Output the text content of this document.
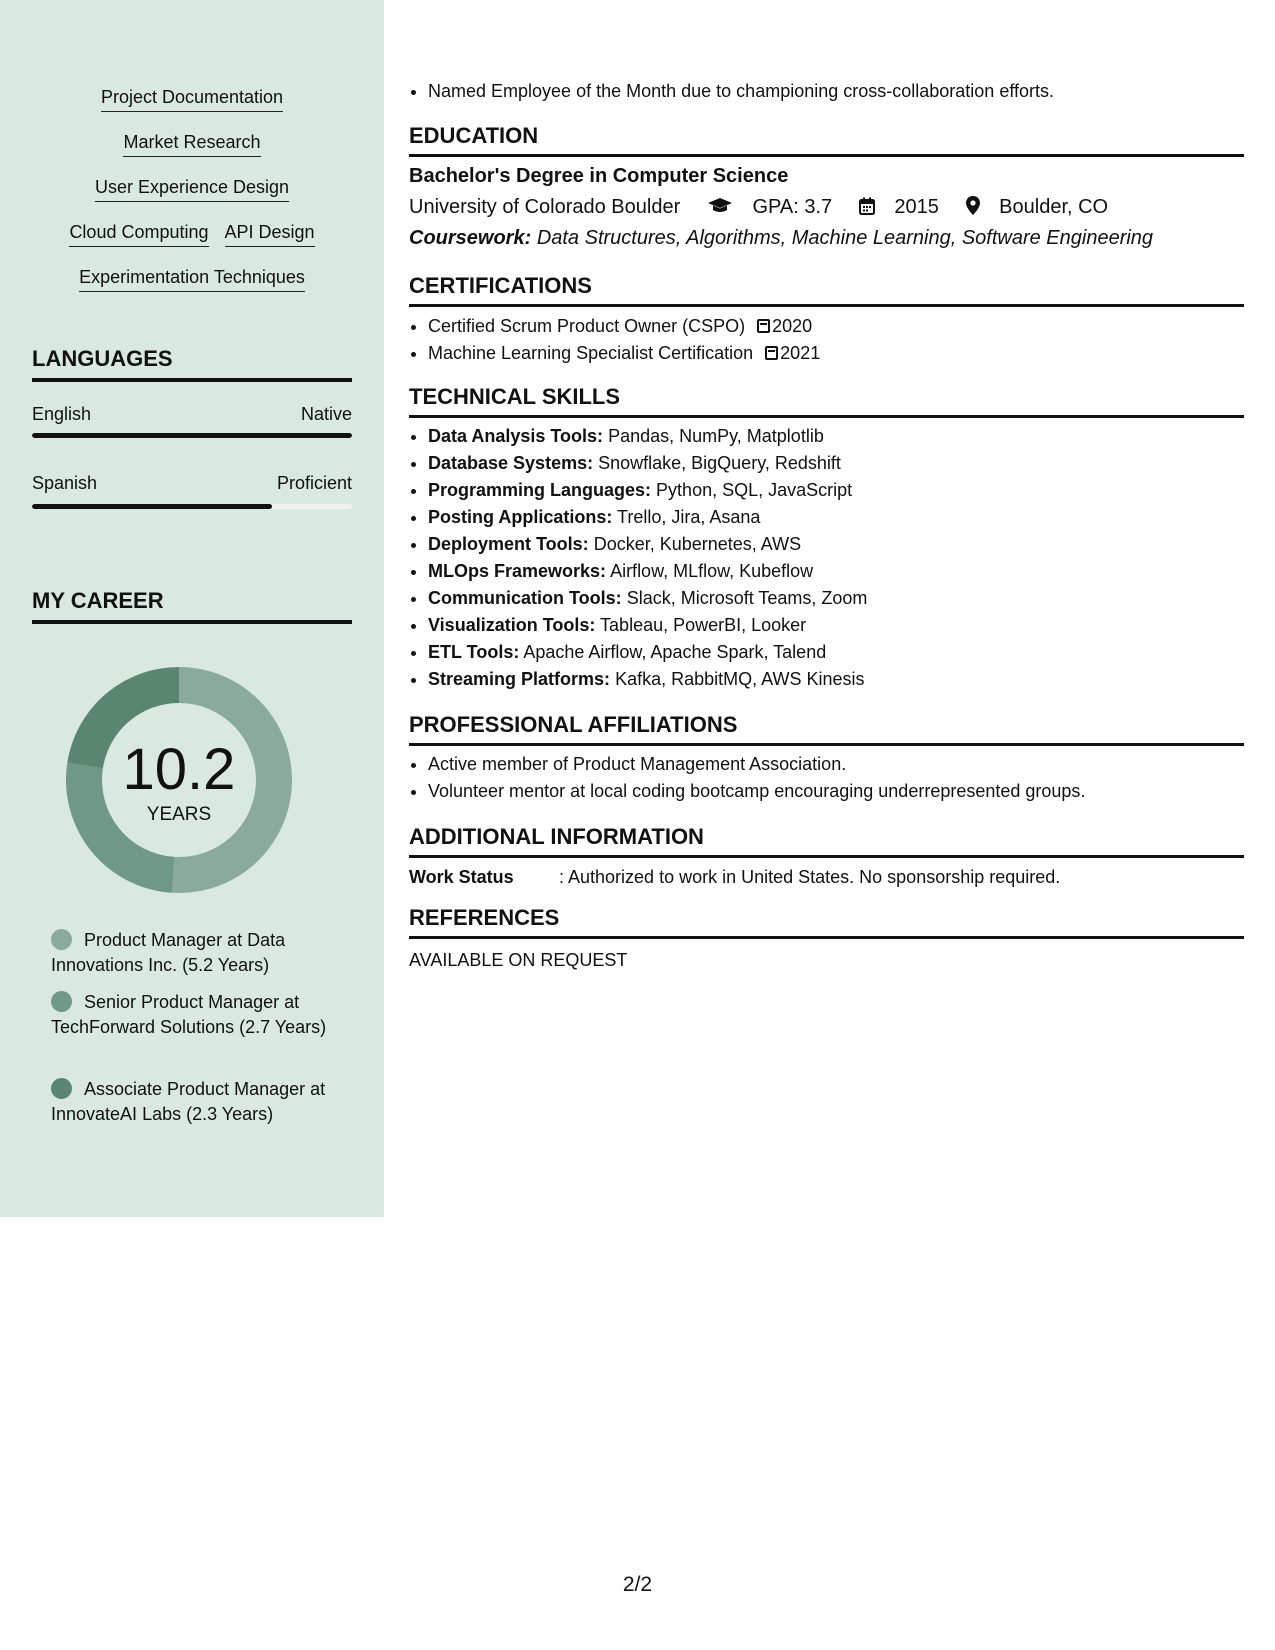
Project Documentation
Market Research
User Experience Design
Cloud Computing API Design
Experimentation Techniques
LANGUAGES
English	Native
Spanish	Proficient
MY CAREER
10.2
YEARS
Product Manager at Data Innovations Inc. (5.2 Years)
Senior Product Manager at TechForward Solutions (2.7 Years)
Associate Product Manager at InnovateAI Labs (2.3 Years)
• Named Employee of the Month due to championing cross-collaboration efforts.
EDUCATION
Bachelor's Degree in Computer Science
University of Colorado Boulder	GPA: 3.7	2015	Boulder, CO
Coursework: Data Structures, Algorithms, Machine Learning, Software Engineering
CERTIFICATIONS
• Certified Scrum Product Owner (CSPO) 2020
• Machine Learning Specialist Certification 2021
TECHNICAL SKILLS
• Data Analysis Tools: Pandas, NumPy, Matplotlib
• Database Systems: Snowflake, BigQuery, Redshift
• Programming Languages: Python, SQL, JavaScript
• Posting Applications: Trello, Jira, Asana
• Deployment Tools: Docker, Kubernetes, AWS
• MLOps Frameworks: Airflow, MLflow, Kubeflow
• Communication Tools: Slack, Microsoft Teams, Zoom
• Visualization Tools: Tableau, PowerBI, Looker
• ETL Tools: Apache Airflow, Apache Spark, Talend
• Streaming Platforms: Kafka, RabbitMQ, AWS Kinesis
PROFESSIONAL AFFILIATIONS
• Active member of Product Management Association.
• Volunteer mentor at local coding bootcamp encouraging underrepresented groups.
ADDITIONAL INFORMATION
Work Status	: Authorized to work in United States. No sponsorship required.
REFERENCES
AVAILABLE ON REQUEST
2/2
